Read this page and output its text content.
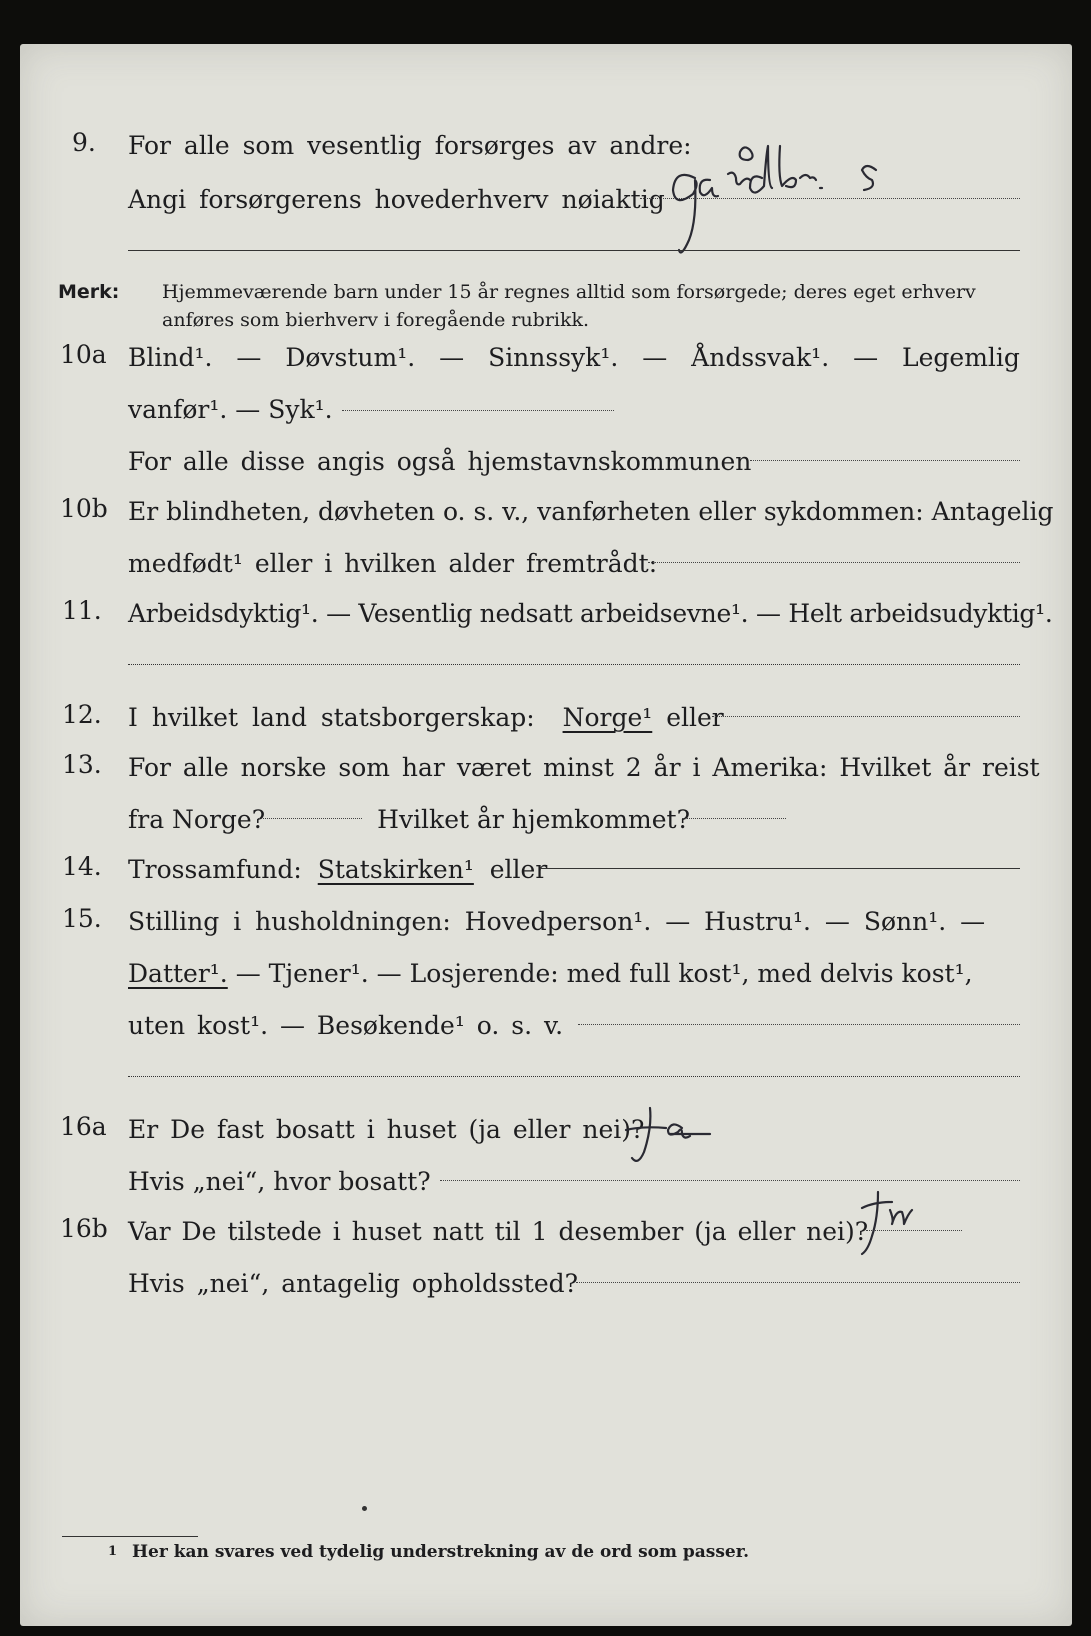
9. For alle som vesentlig forsørges av andre:
Angi forsørgerens hovederhverv nøiaktig
Merk: Hjemmeværende barn under 15 år regnes alltid som forsørgede; deres eget erhverv
anføres som bierhverv i foregående rubrikk.
10a Blind¹. — Døvstum¹. — Sinnssyk¹. — Åndssvak¹. — Legemlig
vanfør¹. — Syk¹.
For alle disse angis også hjemstavnskommunen
10b Er blindheten, døvheten o. s. v., vanførheten eller sykdommen: Antagelig
medfødt¹ eller i hvilken alder fremtrådt:
11. Arbeidsdyktig¹. — Vesentlig nedsatt arbeidsevne¹. — Helt arbeidsudyktig¹.
12. I hvilket land statsborgerskap:
Norge¹
eller
13. For alle norske som har været minst 2 år i Amerika: Hvilket år reist
fra Norge?	Hvilket år hjemkommet?
14. Trossamfund:
Statskirken¹
eller
15. Stilling i husholdningen: Hovedperson¹. — Hustru¹. — Sønn¹. —
Datter¹.
— Tjener¹. — Losjerende: med full kost¹, med delvis kost¹,
uten kost¹. — Besøkende¹ o. s. v.
16a Er De fast bosatt i huset (ja eller nei)?
Hvis „nei“, hvor bosatt?
16b Var De tilstede i huset natt til 1 desember (ja eller nei)?
Hvis „nei“, antagelig opholdssted?
1 Her kan svares ved tydelig understrekning av de ord som passer.
